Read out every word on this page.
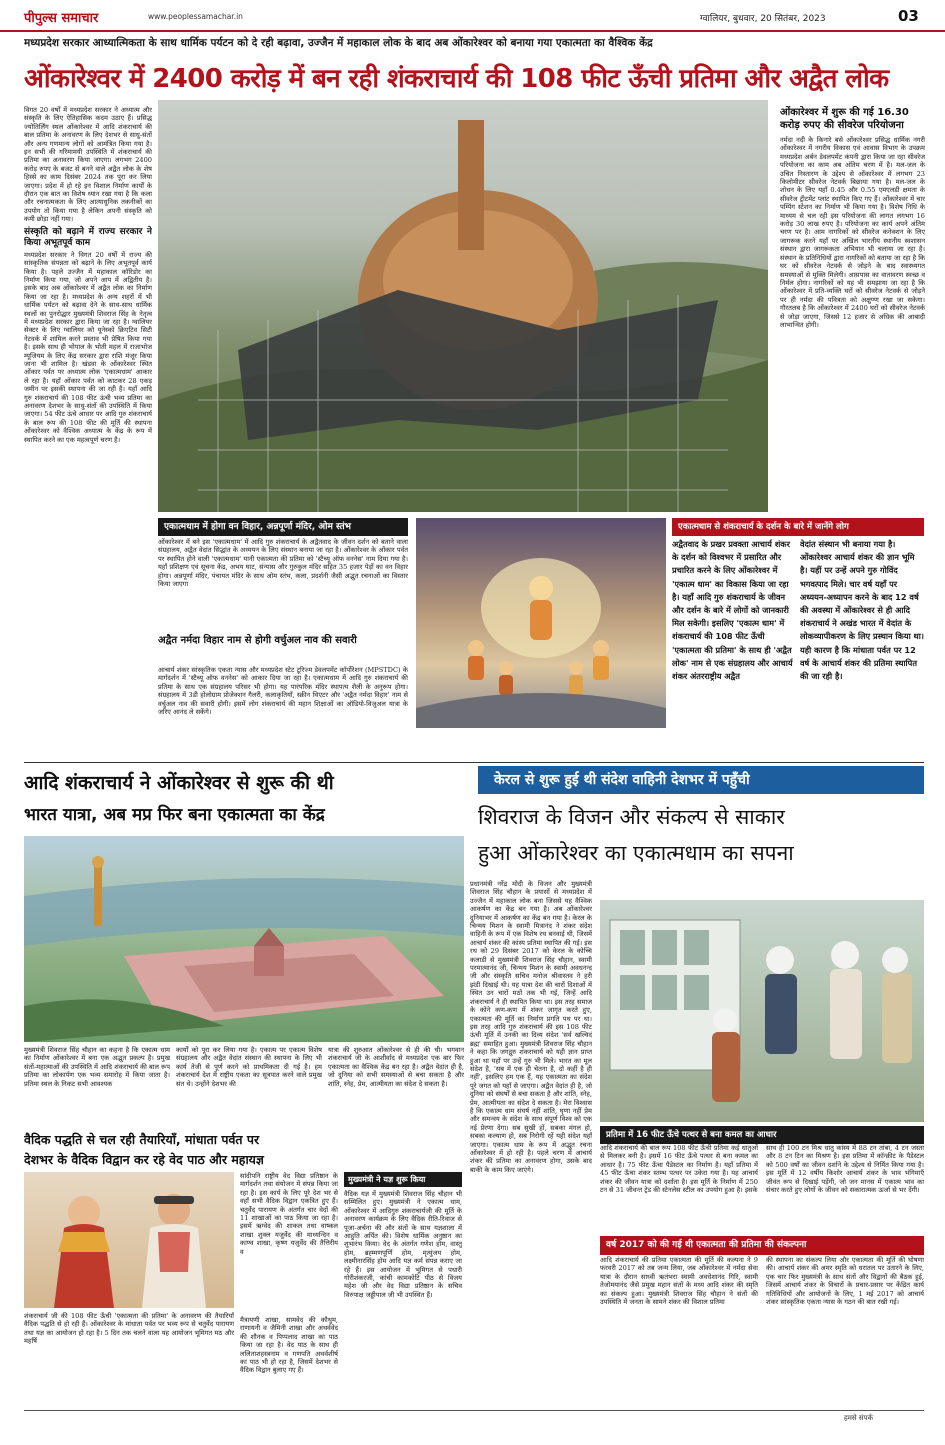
पीपुल्स समाचार	www.peoplessamachar.in	ग्वालियर, बुधवार, 20 सितंबर, 2023	03
मध्यप्रदेश सरकार आध्यात्मिकता के साथ धार्मिक पर्यटन को दे रही बढ़ावा, उज्जैन में महाकाल लोक के बाद अब ओंकारेश्वर को बनाया गया एकात्मता का वैश्विक केंद्र
ओंकारेश्वर में 2400 करोड़ में बन रही शंकराचार्य की 108 फीट ऊँची प्रतिमा और अद्वैत लोक

विगत 20 वर्षों में मध्यप्रदेश सरकार ने अध्यात्म और संस्कृति के लिए ऐतिहासिक कदम उठाए हैं। प्रसिद्ध ज्योतिर्लिंग स्थल ओंकारेश्वर में आदि शंकराचार्य की बाल प्रतिमा के अनावरण के लिए देशभर से साधु-संतों और अन्य गणमान्य लोगों को आमंत्रित किया गया है। इन सभी की गरिमामयी उपस्थिति में शंकराचार्य की प्रतिमा का अनावरण किया जाएगा। लगभग 2400 करोड़ रुपए के बजट से बनने वाले अद्वैत लोक के शेष हिस्से का काम दिसंबर 2024 तक पूरा कर लिया जाएगा। प्रदेश में हो रहे इन विशाल निर्माण कार्यों के दौरान एक बात का विशेष ध्यान रखा गया है कि कला और रचनात्मकता के लिए आत्याधुनिक तकनीकों का उपयोग तो किया गया है लेकिन अपनी संस्कृति को कमी छोड़ा नहीं गया।

संस्कृति को बढ़ाने में राज्य सरकार ने किया अभूतपूर्व काम

मध्यप्रदेश सरकार ने विगत 20 वर्षों में राज्य की सांस्कृतिक संपन्नता को बढ़ाने के लिए अभूतपूर्व कार्य किया है। पहले उज्जैन में महाकाल कॉरिडोर का निर्माण किया गया, जो अपने आप में अद्वितीय है। इसके बाद अब ओंकारेश्वर में अद्वैत लोक का निर्माण किया जा रहा है। मध्यप्रदेश के अन्य शहरों में भी धार्मिक पर्यटन को बढ़ावा देने के साथ-साथ धार्मिक स्थलों का पुनरोद्धार मुख्यमंत्री शिवराज सिंह के नेतृत्व में मध्यप्रदेश सरकार द्वारा किया जा रहा है। ग्वालियर सेक्टर के लिए ग्वालियर को यूनेस्को क्रिएटिव सिटी नेटवर्क में शामिल करने प्रस्ताव भी प्रेषित किया गया है। इसके साथ ही भोपाल के भोती महल में राजाभोज म्यूजियम के लिए केंद्र सरकार द्वारा राशि मंजूर किया जाना भी शामिल है। खंडवा के ओंकारेश्वर स्थित ओंकार पर्वत पर अध्यात्म लोक 'एकात्मधाम' आकार ले रहा है। यहाँ ओंकार पर्वत को काटकर 28 एकड़ जमीन पर इसकी स्थापना की जा रही है। यहाँ आदि गुरु शंकराचार्य की 108 फीट ऊंची भव्य प्रतिमा का अनावरण देशभर के साधु-संतों की उपस्थिति में किया जाएगा। 54 फीट ऊंचे आधार पर आदि गुरु शंकराचार्य के बाल रूप की 108 फीट की मूर्ति की स्थापना ओंकारेश्वर को वैश्विक अध्यात्म के केंद्र के रूप में स्थापित करने का एक महत्वपूर्ण चरण है।

ओंकारेश्वर में शुरू की गई 16.30 करोड़ रुपए की सीवरेज परियोजना

नर्मदा नदी के किनारे बसे ओंकारेश्वर प्रसिद्ध धार्मिक नगरी ओंकारेश्वर में नगरीय विकास एवं आवास विभाग के उपक्रम मध्यप्रदेश अर्बन डेवलपमेंट कंपनी द्वारा किया जा रहा सीवरेज परियोजना का काम अब अंतिम चरण में है। मल-जल के उचित निस्तारण के उद्देश्य से ओंकारेश्वर में लगभग 23 किलोमीटर सीवरेज नेटवर्क बिछाया गया है। मल-जल के शोधन के लिए यहाँ 0.45 और 0.55 एमएलडी क्षमता के सीवरेज ट्रीटमेंट प्लांट स्थापित किए गए हैं। ओंकारेश्वर में चार पम्पिंग स्टेशन का निर्माण भी किया गया है। विशेष निधि के माध्यम से चल रही इस परियोजना की लागत लगभग 16 करोड़ 30 लाख रुपए है। परियोजना का कार्य अपने अंतिम चरण पर है। आम नागरिकों को सीवरेज कनेक्शन के लिए जागरूक करने यहाँ पर अखिल भारतीय स्थानीय स्वशासन संस्थान द्वारा जागरूकता अभियान भी चलाया जा रहा है। संस्थान के प्रतिनिधियों द्वारा नागरिकों को बताया जा रहा है कि घर को सीवरेज नेटवर्क से जोड़ने के बाद स्वास्थ्यगत समस्याओं से मुक्ति मिलेगी। आसपास का वातावरण स्वच्छ व निर्मल होगा। नागरिकों को यह भी समझाया जा रहा है कि ओंकारेश्वर में प्रति-व्यक्ति घरों को सीवरेज नेटवर्क से जोड़ने पर ही नर्मदा की पवित्रता को अक्षुण्ण रखा जा सकेगा। गौरतलब है कि ओंकारेश्वर में 2400 घरों को सीवरेज नेटवर्क से जोड़ा जाएगा, जिससे 12 हजार से अधिक की आबादी लाभान्वित होगी।

एकात्मधाम में होगा वन विहार, अन्नपूर्णा मंदिर, ओम स्तंभ
ओंकारेश्वर में बने इस 'एकात्मधाम' में आदि गुरु शंकराचार्य के अद्वैतवाद के जीवन दर्शन को बताने वाला संग्रहालय, अद्वैत वेदांत सिद्धांत के अध्ययन के लिए संस्थान बनाया जा रहा है। ओंकारेश्वर के ओंकार पर्वत पर स्थापित होने वाली 'एकात्मधाम' यानी एकात्मता की प्रतिमा को 'स्टैच्यू ऑफ वननेस' नाम दिया गया है। यहाँ प्रशिक्षण एवं सूचना केंद्र, अभय घाट, संन्यास और गुरुकुल मंदिर सहित 35 हजार पेड़ों का वन विहार होगा। अन्नपूर्णा मंदिर, पंचायत मंदिर के साथ ओम स्तंभ, कला, प्रदर्शनी जैसी अद्भुत रचनाओं का विस्तार किया जाएगा
अद्वैत नर्मदा विहार नाम से होगी वर्चुअल नाव की सवारी
आचार्य शंकर सांस्कृतिक एकता न्यास और मध्यप्रदेश स्टेट टूरिज्म डेवलपमेंट कॉर्पोरेशन (MPSTDC) के मार्गदर्शन में 'स्टैच्यू ऑफ वननेस' को आकार दिया जा रहा है। एकात्मधाम में आदि गुरु शंकराचार्य की प्रतिमा के साथ एक संग्रहालय परिसर भी होगा। यह पारंपरिक मंदिर स्थापत्य शैली के अनुरूप होगा। संग्रहालय में 3डी होलोग्राम प्रोजेक्शन गैलरी, कलाकृतियाँ, स्क्रीन थिएटर और 'अद्वैत नर्मदा विहार' नाम से वर्चुअल नाव की सवारी होगी। इसमें लोग शंकराचार्य की महान शिक्षाओं का ऑडियो-विजुअल यात्रा के जरिए आनंद ले सकेंगे।
एकात्मधाम से शंकराचार्य के दर्शन के बारे में जानेंगे लोग
अद्वैतवाद के प्रखर प्रवक्ता आचार्य शंकर के दर्शन को विश्वभर में प्रसारित और प्रचारित करने के लिए ओंकारेश्वर में 'एकात्म धाम' का विकास किया जा रहा है। यहाँ आदि गुरु शंकराचार्य के जीवन और दर्शन के बारे में लोगों को जानकारी मिल सकेगी। इसलिए 'एकात्म धाम' में शंकराचार्य की 108 फीट ऊँची 'एकात्मता की प्रतिमा' के साथ ही 'अद्वैत लोक' नाम से एक संग्रहालय और आचार्य शंकर अंतरराष्ट्रीय अद्वैत
वेदांत संस्थान भी बनाया गया है। ओंकारेश्वर आचार्य शंकर की ज्ञान भूमि है। यहीं पर उन्हें अपने गुरु गोविंद भगवत्पाद मिले। चार वर्ष यहाँ पर अध्ययन-अध्यापन करने के बाद 12 वर्ष की अवस्था में ओंकारेश्वर से ही आदि शंकराचार्य ने अखंड भारत में वेदांत के लोकव्यापीकरण के लिए प्रस्थान किया था। यही कारण है कि मांधाता पर्वत पर 12 वर्ष के आचार्य शंकर की प्रतिमा स्थापित की जा रही है।
आदि शंकराचार्य ने ओंकारेश्वर से शुरू की थी
भारत यात्रा, अब मप्र फिर बना एकात्मता का केंद्र
मुख्यमंत्री शिवराज सिंह चौहान का कहना है कि एकात्म धाम का निर्माण ओंकारेश्वर में बना एक अद्भुत प्रकल्प है। प्रमुख संतों-महात्माओं की उपस्थिति में आदि शंकराचार्य की बाल रूप प्रतिमा का लोकार्पण एक भव्य समारोह में किया जाता है। प्रतिमा स्थल के निकट सभी आवश्यक
कार्यों को पूरा कर लिया गया है। एकात्म पर एकात्म विशेष संग्रहालय और अद्वैत वेदांत संस्थान की स्थापना के लिए भी कार्य तेजी से पूर्ण करने को प्राथमिकता दी गई है। हम शंकराचार्य देश में राष्ट्रीय एकता का सूत्रपात करने वाले प्रमुख संत थे। उन्होंने देशभर की
यात्रा की शुरुआत ओंकारेश्वर से ही की थी। भगवान शंकराचार्य जी के आशीर्वाद से मध्यप्रदेश एक बार फिर एकात्मता का वैश्विक केंद्र बन रहा है। अद्वैत वेदांत ही है, जो दुनिया को सभी समस्याओं से बचा सकता है और शांति, स्नेह, प्रेम, आत्मीयता का संदेश दे सकता है।
केरल से शुरू हुई थी संदेश वाहिनी देशभर में पहुँची
शिवराज के विजन और संकल्प से साकार
हुआ ओंकारेश्वर का एकात्मधाम का सपना
प्रधानमंत्री नरेंद्र मोदी के विजन और मुख्यमंत्री शिवराज सिंह चौहान के प्रयासों से मध्यप्रदेश में उज्जैन में महाकाल लोक बना जिससे यह वैश्विक आकर्षण का केंद्र बन गया है। अब ओंकारेश्वर दुनियाभर में आकर्षण का केंद्र बन गया है। केरल के चिन्मय मिशन के स्वामी मित्रानंद ने शंकर संदेश वाहिनी के रूप में एक विशेष रथ बनवाई थी, जिसमें आचार्य शंकर की कांस्य प्रतिमा स्थापित की गई। इस रथ को 29 दिसंबर 2017 को केरल के कोच्चि कलाडी से मुख्यमंत्री शिवराज सिंह चौहान, स्वामी परमात्मानंद जी, चिन्मय मिशन के स्वामी अवधनन्द जी और संस्कृति सचिव मनोज श्रीवास्तव ने हरी झंडी दिखाई थी। यह यात्रा देश की चारों दिशाओं में स्थित उन चारों मठों तक भी गई, जिन्हें आदि शंकराचार्य ने ही स्थापित किया था। इस तरह समाज के कोने कण-कण में शंकर जागृत करते हुए, एकात्मता की मूर्ति का निर्माण प्रगति पथ पर था। इस तरह आदि गुरु शंकराचार्य की इस 108 फीट ऊंची मूर्ति में उनकी का दिव्य संदेश 'सर्व खल्विदं ब्रह्म' समाहित हुआ। मुख्यमंत्री शिवराज सिंह चौहान ने कहा कि जगद्गुरु शंकराचार्य को यही ज्ञान प्राप्त हुआ था यहाँ पर उन्हें गुरु भी मिले। भारत का मूल संदेश है, 'सब में एक ही चेतना है, दो कहीं है ही नहीं', इसलिए हम एक हैं, यह एकात्मता का संदेश पूरे जगत को यहाँ से जाएगा। अद्वैत वेदांत ही है, जो दुनिया को संघर्षों से बचा सकता है और शांति, स्नेह, प्रेम, आत्मीयता का संदेश दे सकता है। मेरा विश्वास है कि एकात्म धाम संघर्ष नहीं शांति, घृणा नहीं प्रेम और समन्वय के संदेश के साथ संपूर्ण विश्व को एक नई प्रेरणा देगा। सब सुखी हों, सबका मंगल हो, सबका कल्याण हो, सब निरोगी रहें यही संदेश यहाँ जाएगा। एकात्म धाम के रूप में अद्भुत रचना ओंकारेश्वर में हो रही है। पहले चरण में आचार्य शंकर की प्रतिमा का अनावरण होगा, उसके बाद बाकी के काम किए जाएंगे।
प्रतिमा में 16 फीट ऊँचे पत्थर से बना कमल का आधार
आदि शंकराचार्य की बाल रूप 108 फीट ऊँची प्रतिमा कई धातुओं से मिलकर बनी है। इसमें 16 फीट ऊँचे पत्थर से बना कमल का आधार है। 75 फीट ऊँचा पैडेस्टल का निर्माण है। यहाँ प्रतिमा में 45 फीट ऊँचा शंकर स्तम्भ पत्थर पर उकेरा गया है। यह आचार्य शंकर की जीवन यात्रा को दर्शाता है। इस मूर्ति के निर्माण में 250 टन से 31 जीवन्त ट्रेड की स्टेनलेस स्टील का उपयोग हुआ है। इसके
साथ ही 100 टन मिश्र धातु कांस्य में 88 टन तांबा, 4 टन जस्ता और 8 टन टिन का मिश्रण है। इस प्रतिमा में कॉन्क्रीट के पैडेस्टल को 500 वर्षों का जीवन दर्शाने के उद्देश्य से निर्मित किया गया है। इस मूर्ति में 12 वर्षीय किशोर आचार्य शंकर के भाव भंगिमाएँ जीवंत रूप से दिखाई पड़ेंगी, जो जन मानस में एकात्म भाव का संचार करते हुए लोगों के जीवन को सकारात्मक ऊर्जा से भर देंगी।
वर्ष 2017 को की गई थी एकात्मता की प्रतिमा की संकल्पना
आदि शंकराचार्य की प्रतिमा एकात्मता की मूर्ति की कल्पना ने 9 फरवरी 2017 को तब जन्म लिया, जब ओंकारेश्वर में नर्मदा सेवा यात्रा के दौरान साध्वी ऋतंभरा स्वामी अवधेशानंद गिरि, स्वामी तेजोमयानंद जैसे प्रमुख महान संतों के मध्य आदि शंकर की स्मृति का संकल्प हुआ। मुख्यमंत्री शिवराज सिंह चौहान ने संतों की उपस्थिति में जनता के सामने शंकर की विशाल प्रतिमा
की स्थापना का संकल्प लिया और एकात्मता की मूर्ति की घोषणा की। आचार्य शंकर की अमर स्मृति को धरातल पर उतारने के लिए, एक चार फिर मुख्यमंत्री के साथ संतों और विद्वानों की बैठक हुई, जिसमें आचार्य शंकर के विचारों के प्रचार-प्रसार पर केंद्रित कार्य गतिविधियों और आयोजनों के लिए, 1 मई 2017 को आचार्य शंकर सांस्कृतिक एकता न्यास के गठन की बात रखी गई।
वैदिक पद्धति से चल रही तैयारियाँ, मांधाता पर्वत पर
देशभर के वैदिक विद्वान कर रहे वेद पाठ और महायज्ञ
शंकराचार्य जी की 108 फीट ऊँची 'एकात्मता की प्रतिमा' के अनावरण की तैयारियाँ वैदिक पद्धति से हो रही हैं। ओंकारेश्वर के मांधाता पर्वत पर भव्य रूप से चतुर्वेद पारायण तथा यज्ञ का आयोजन हो रहा है। 5 दिन तक चलने वाला यह आयोजन भूमिगत मठ और महर्षि
सांदीपनि राष्ट्रीय वेद विद्या प्रतिष्ठान के मार्गदर्शन तथा संयोजन में संपन्न किया जा रहा है। इस कार्य के लिए पूरे देश भर से वहाँ सभी वैदिक विद्वान एकत्रित हुए हैं। चतुर्वेद पारायण के अंतर्गत चार वेदों की 11 शाखाओं का पाठ किया जा रहा है। इसमें ऋग्वेद की शाकल तथा वाष्कल शाखा शुक्ल यजुर्वेद की माध्यन्दिन व काण्व शाखा, कृष्ण यजुर्वेद की तैत्तिरीय व
मैत्रायणी शाखा, सामवेद की कौथुम, राणायनी व जैमिनी शाखा और अथर्ववेद की शौनक व पिप्पलाद शाखा का पाठ किया जा रहा है। वेद पाठ के साथ ही ललिताशहस्त्रनाम व गणपति अथर्वशीर्ष का पाठ भी हो रहा है, जिसमें देशभर से वैदिक विद्वान बुलाए गए हैं।
मुख्यमंत्री ने यज्ञ शुरू किया
वैदिक यज्ञ में मुख्यमंत्री शिवराज सिंह चौहान भी सम्मिलित हुए। मुख्यमंत्री ने एकात्म धाम, ओंकारेश्वर में आदिगुरु शंकराचार्यजी की मूर्ति के अनावरण कार्यक्रम के लिए वैदिक रीति-रिवाज से पूजा-अर्चना की और संतों के साथ यज्ञशाला में आहुति अर्पित की। विशेष धार्मिक अनुष्ठान का शुभारंभ किया। वेद के अंतर्गत गणेश होम, वास्तु होम, ब्रह्म्मणपूर्णि होम, मृत्युंजय होम, लक्ष्मीनारसिंह होम आदि यज्ञ कर्म संपन्न कराए जा रहे हैं। इस आयोजन में भूमिगत से पधारी गोरीशंकरजी, कांची कामकोटि पीठ से विजय महेश जी और वेद विद्या प्रतिष्ठान के सचिव विरुपाक्ष जड्डीपाल जी भी उपस्थित हैं।
हमसे संपर्क
